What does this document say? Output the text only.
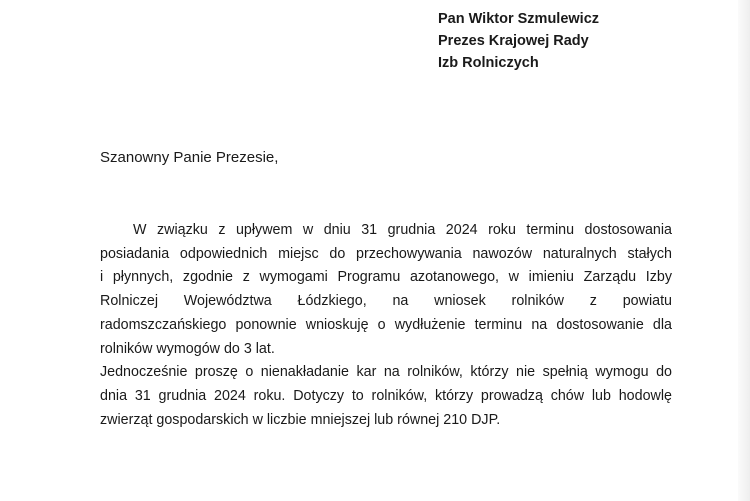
Pan Wiktor Szmulewicz
Prezes Krajowej Rady
Izb Rolniczych
Szanowny Panie Prezesie,
W związku z upływem w dniu 31 grudnia 2024 roku terminu dostosowania
posiadania odpowiednich miejsc do przechowywania nawozów naturalnych stałych
i płynnych, zgodnie z wymogami Programu azotanowego, w imieniu Zarządu Izby
Rolniczej Województwa Łódzkiego, na wniosek rolników z powiatu
radomszczańskiego ponownie wnioskuję o wydłużenie terminu na dostosowanie dla
rolników wymogów do 3 lat.
Jednocześnie proszę o nienakładanie kar na rolników, którzy nie spełnią wymogu do
dnia 31 grudnia 2024 roku. Dotyczy to rolników, którzy prowadzą chów lub hodowlę
zwierząt gospodarskich w liczbie mniejszej lub równej 210 DJP.
